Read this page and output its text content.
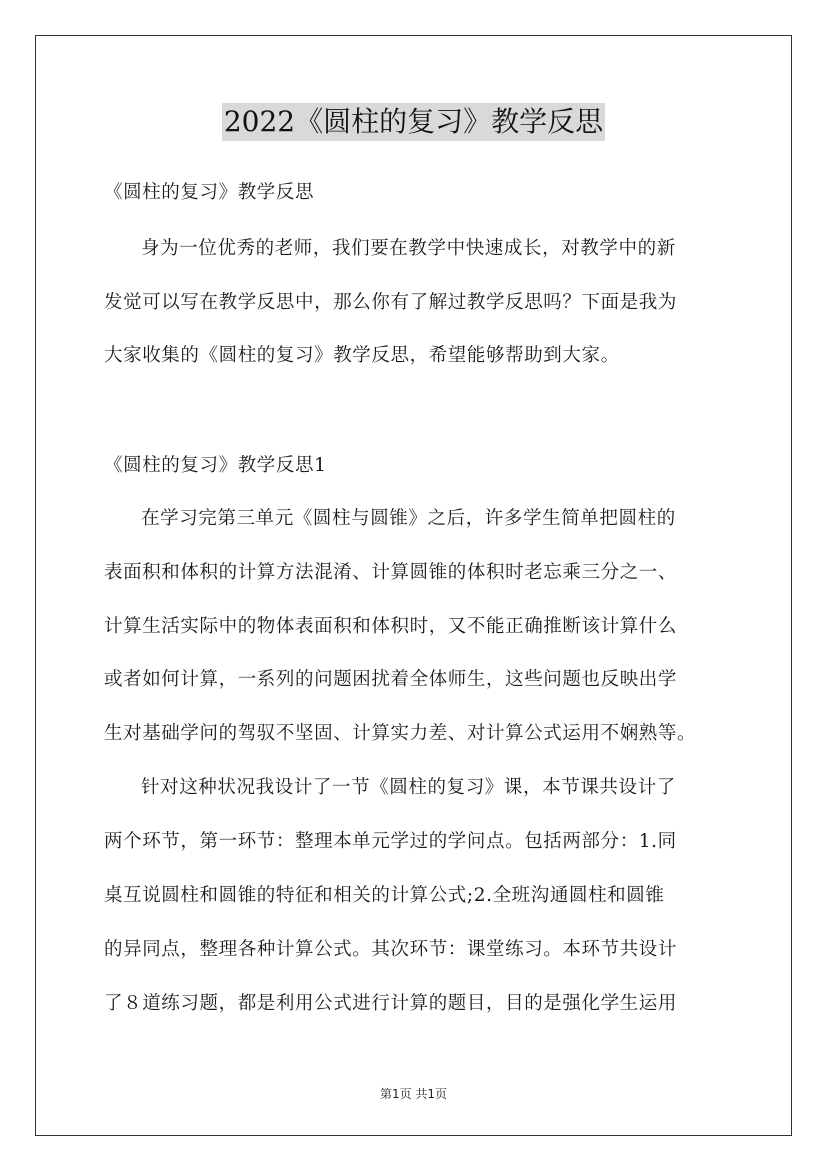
2022《圆柱的复习》教学反思
《圆柱的复习》教学反思
身为一位优秀的老师，我们要在教学中快速成长，对教学中的新
发觉可以写在教学反思中，那么你有了解过教学反思吗？下面是我为
大家收集的《圆柱的复习》教学反思，希望能够帮助到大家。
《圆柱的复习》教学反思1
在学习完第三单元《圆柱与圆锥》之后，许多学生简单把圆柱的
表面积和体积的计算方法混淆、计算圆锥的体积时老忘乘三分之一、
计算生活实际中的物体表面积和体积时，又不能正确推断该计算什么
或者如何计算，一系列的问题困扰着全体师生，这些问题也反映出学
生对基础学问的驾驭不坚固、计算实力差、对计算公式运用不娴熟等。
针对这种状况我设计了一节《圆柱的复习》课，本节课共设计了
两个环节，第一环节：整理本单元学过的学问点。包括两部分：1.同
桌互说圆柱和圆锥的特征和相关的计算公式;2.全班沟通圆柱和圆锥
的异同点，整理各种计算公式。其次环节：课堂练习。本环节共设计
了８道练习题，都是利用公式进行计算的题目，目的是强化学生运用
第1页 共1页
